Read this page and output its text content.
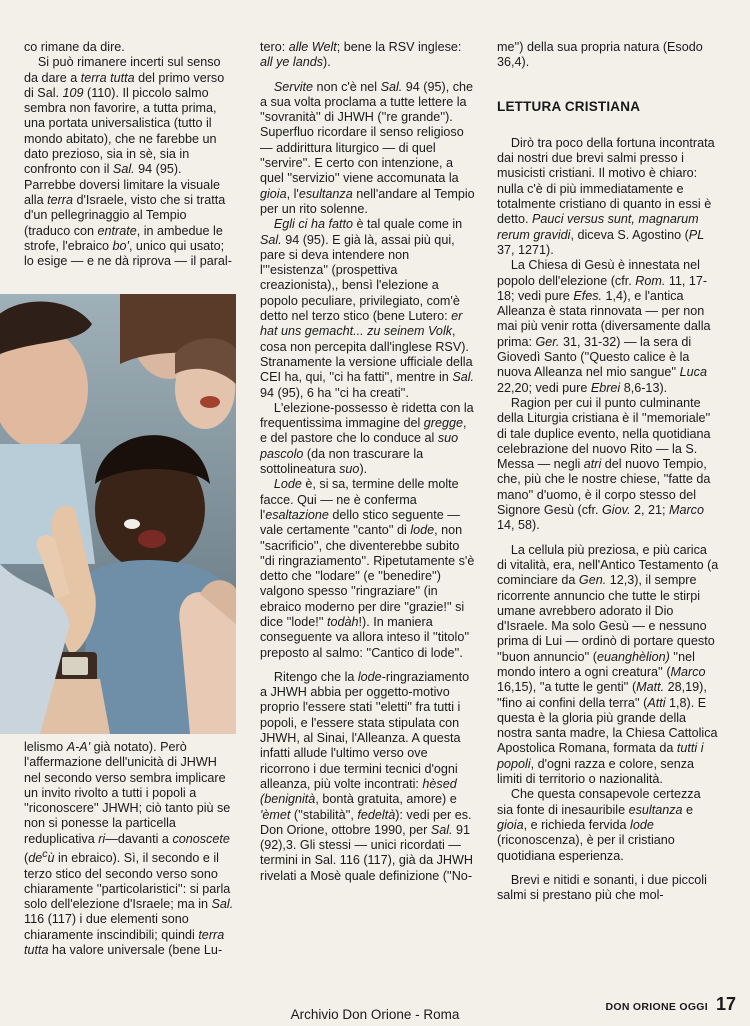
co rimane da dire.

Si può rimanere incerti sul senso da dare a terra tutta del primo verso di Sal. 109 (110). Il piccolo salmo sembra non favorire, a tutta prima, una portata universalistica (tutto il mondo abitato), che ne farebbe un dato prezioso, sia in sè, sia in confronto con il Sal. 94 (95). Parrebbe doversi limitare la visuale alla terra d'Israele, visto che si tratta d'un pellegrinaggio al Tempio (traduco con entrate, in ambedue le strofe, l'ebraico bo', unico qui usato; lo esige — e ne dà riprova — il paral-

lelismo A-A' già notato). Però l'affermazione dell'unicità di JHWH nel secondo verso sembra implicare un invito rivolto a tutti i popoli a ''riconoscere'' JHWH; ciò tanto più se non si ponesse la particella reduplicativa ri—davanti a conoscete ($de^cù$ in ebraico). Sì, il secondo e il terzo stico del secondo verso sono chiaramente ''particolaristici'': si parla solo dell'elezione d'Israele; ma in Sal. 116 (117) i due elementi sono chiaramente inscindibili; quindi terra tutta ha valore universale (bene Lu-

tero: alle Welt; bene la RSV inglese: all ye lands).

Servite non c'è nel Sal. 94 (95), che a sua volta proclama a tutte lettere la ''sovranità'' di JHWH (''re grande''). Superfluo ricordare il senso religioso — addirittura liturgico — di quel ''servire''. E certo con intenzione, a quel ''servizio'' viene accomunata la gioia, l'esultanza nell'andare al Tempio per un rito solenne.

Egli ci ha fatto è tal quale come in Sal. 94 (95). E già là, assai più qui, pare si deva intendere non l'''esistenza'' (prospettiva creazionista),, bensì l'elezione a popolo peculiare, privilegiato, com'è detto nel terzo stico (bene Lutero: er hat uns gemacht... zu seinem Volk, cosa non percepita dall'inglese RSV). Stranamente la versione ufficiale della CEI ha, qui, ''ci ha fatti'', mentre in Sal. 94 (95), 6 ha ''ci ha creati''.

L'elezione-possesso è ridetta con la frequentissima immagine del gregge, e del pastore che lo conduce al suo pascolo (da non trascurare la sottolineatura suo).

Lode è, si sa, termine delle molte facce. Qui — ne è conferma l'esaltazione dello stico seguente — vale certamente ''canto'' di lode, non ''sacrificio'', che diventerebbe subito ''di ringraziamento''. Ripetutamente s'è detto che ''lodare'' (e ''benedire'') valgono spesso ''ringraziare'' (in ebraico moderno per dire ''grazie!'' si dice ''lode!'' todàh!). In maniera conseguente va allora inteso il ''titolo'' preposto al salmo: ''Cantico di lode''.

Ritengo che la lode-ringraziamento a JHWH abbia per oggetto-motivo proprio l'essere stati ''eletti'' fra tutti i popoli, e l'essere stata stipulata con JHWH, al Sinai, l'Alleanza. A questa infatti allude l'ultimo verso ove ricorrono i due termini tecnici d'ogni alleanza, più volte incontrati: hèsed (benignità, bontà gratuita, amore) e 'èmet (''stabilità'', fedeltà): vedi per es. Don Orione, ottobre 1990, per Sal. 91 (92),3. Gli stessi — unici ricordati — termini in Sal. 116 (117), già da JHWH rivelati a Mosè quale definizione (''No-

me'') della sua propria natura (Esodo 36,4).

LETTURA CRISTIANA

Dirò tra poco della fortuna incontrata dai nostri due brevi salmi presso i musicisti cristiani. Il motivo è chiaro: nulla c'è di più immediatamente e totalmente cristiano di quanto in essi è detto. Pauci versus sunt, magnarum rerum gravidi, diceva S. Agostino (PL 37, 1271).

La Chiesa di Gesù è innestata nel popolo dell'elezione (cfr. Rom. 11, 17-18; vedi pure Efes. 1,4), e l'antica Alleanza è stata rinnovata — per non mai più venir rotta (diversamente dalla prima: Ger. 31, 31-32) — la sera di Giovedì Santo (''Questo calice è la nuova Alleanza nel mio sangue'' Luca 22,20; vedi pure Ebrei 8,6-13).

Ragion per cui il punto culminante della Liturgia cristiana è il ''memoriale'' di tale duplice evento, nella quotidiana celebrazione del nuovo Rito — la S. Messa — negli atri del nuovo Tempio, che, più che le nostre chiese, ''fatte da mano'' d'uomo, è il corpo stesso del Signore Gesù (cfr. Giov. 2, 21; Marco 14, 58).

La cellula più preziosa, e più carica di vitalità, era, nell'Antico Testamento (a cominciare da Gen. 12,3), il sempre ricorrente annuncio che tutte le stirpi umane avrebbero adorato il Dio d'Israele. Ma solo Gesù — e nessuno prima di Lui — ordinò di portare questo ''buon annuncio'' (euanghèlion) ''nel mondo intero a ogni creatura'' (Marco 16,15), ''a tutte le genti'' (Matt. 28,19), ''fino ai confini della terra'' (Atti 1,8). E questa è la gloria più grande della nostra santa madre, la Chiesa Cattolica Apostolica Romana, formata da tutti i popoli, d'ogni razza e colore, senza limiti di territorio o nazionalità.

Che questa consapevole certezza sia fonte di inesauribile esultanza e gioia, e richieda fervida lode (riconoscenza), è per il cristiano quotidiana esperienza.

Brevi e nitidi e sonanti, i due piccoli salmi si prestano più che mol-

DON ORIONE OGGI 17
Archivio Don Orione - Roma
